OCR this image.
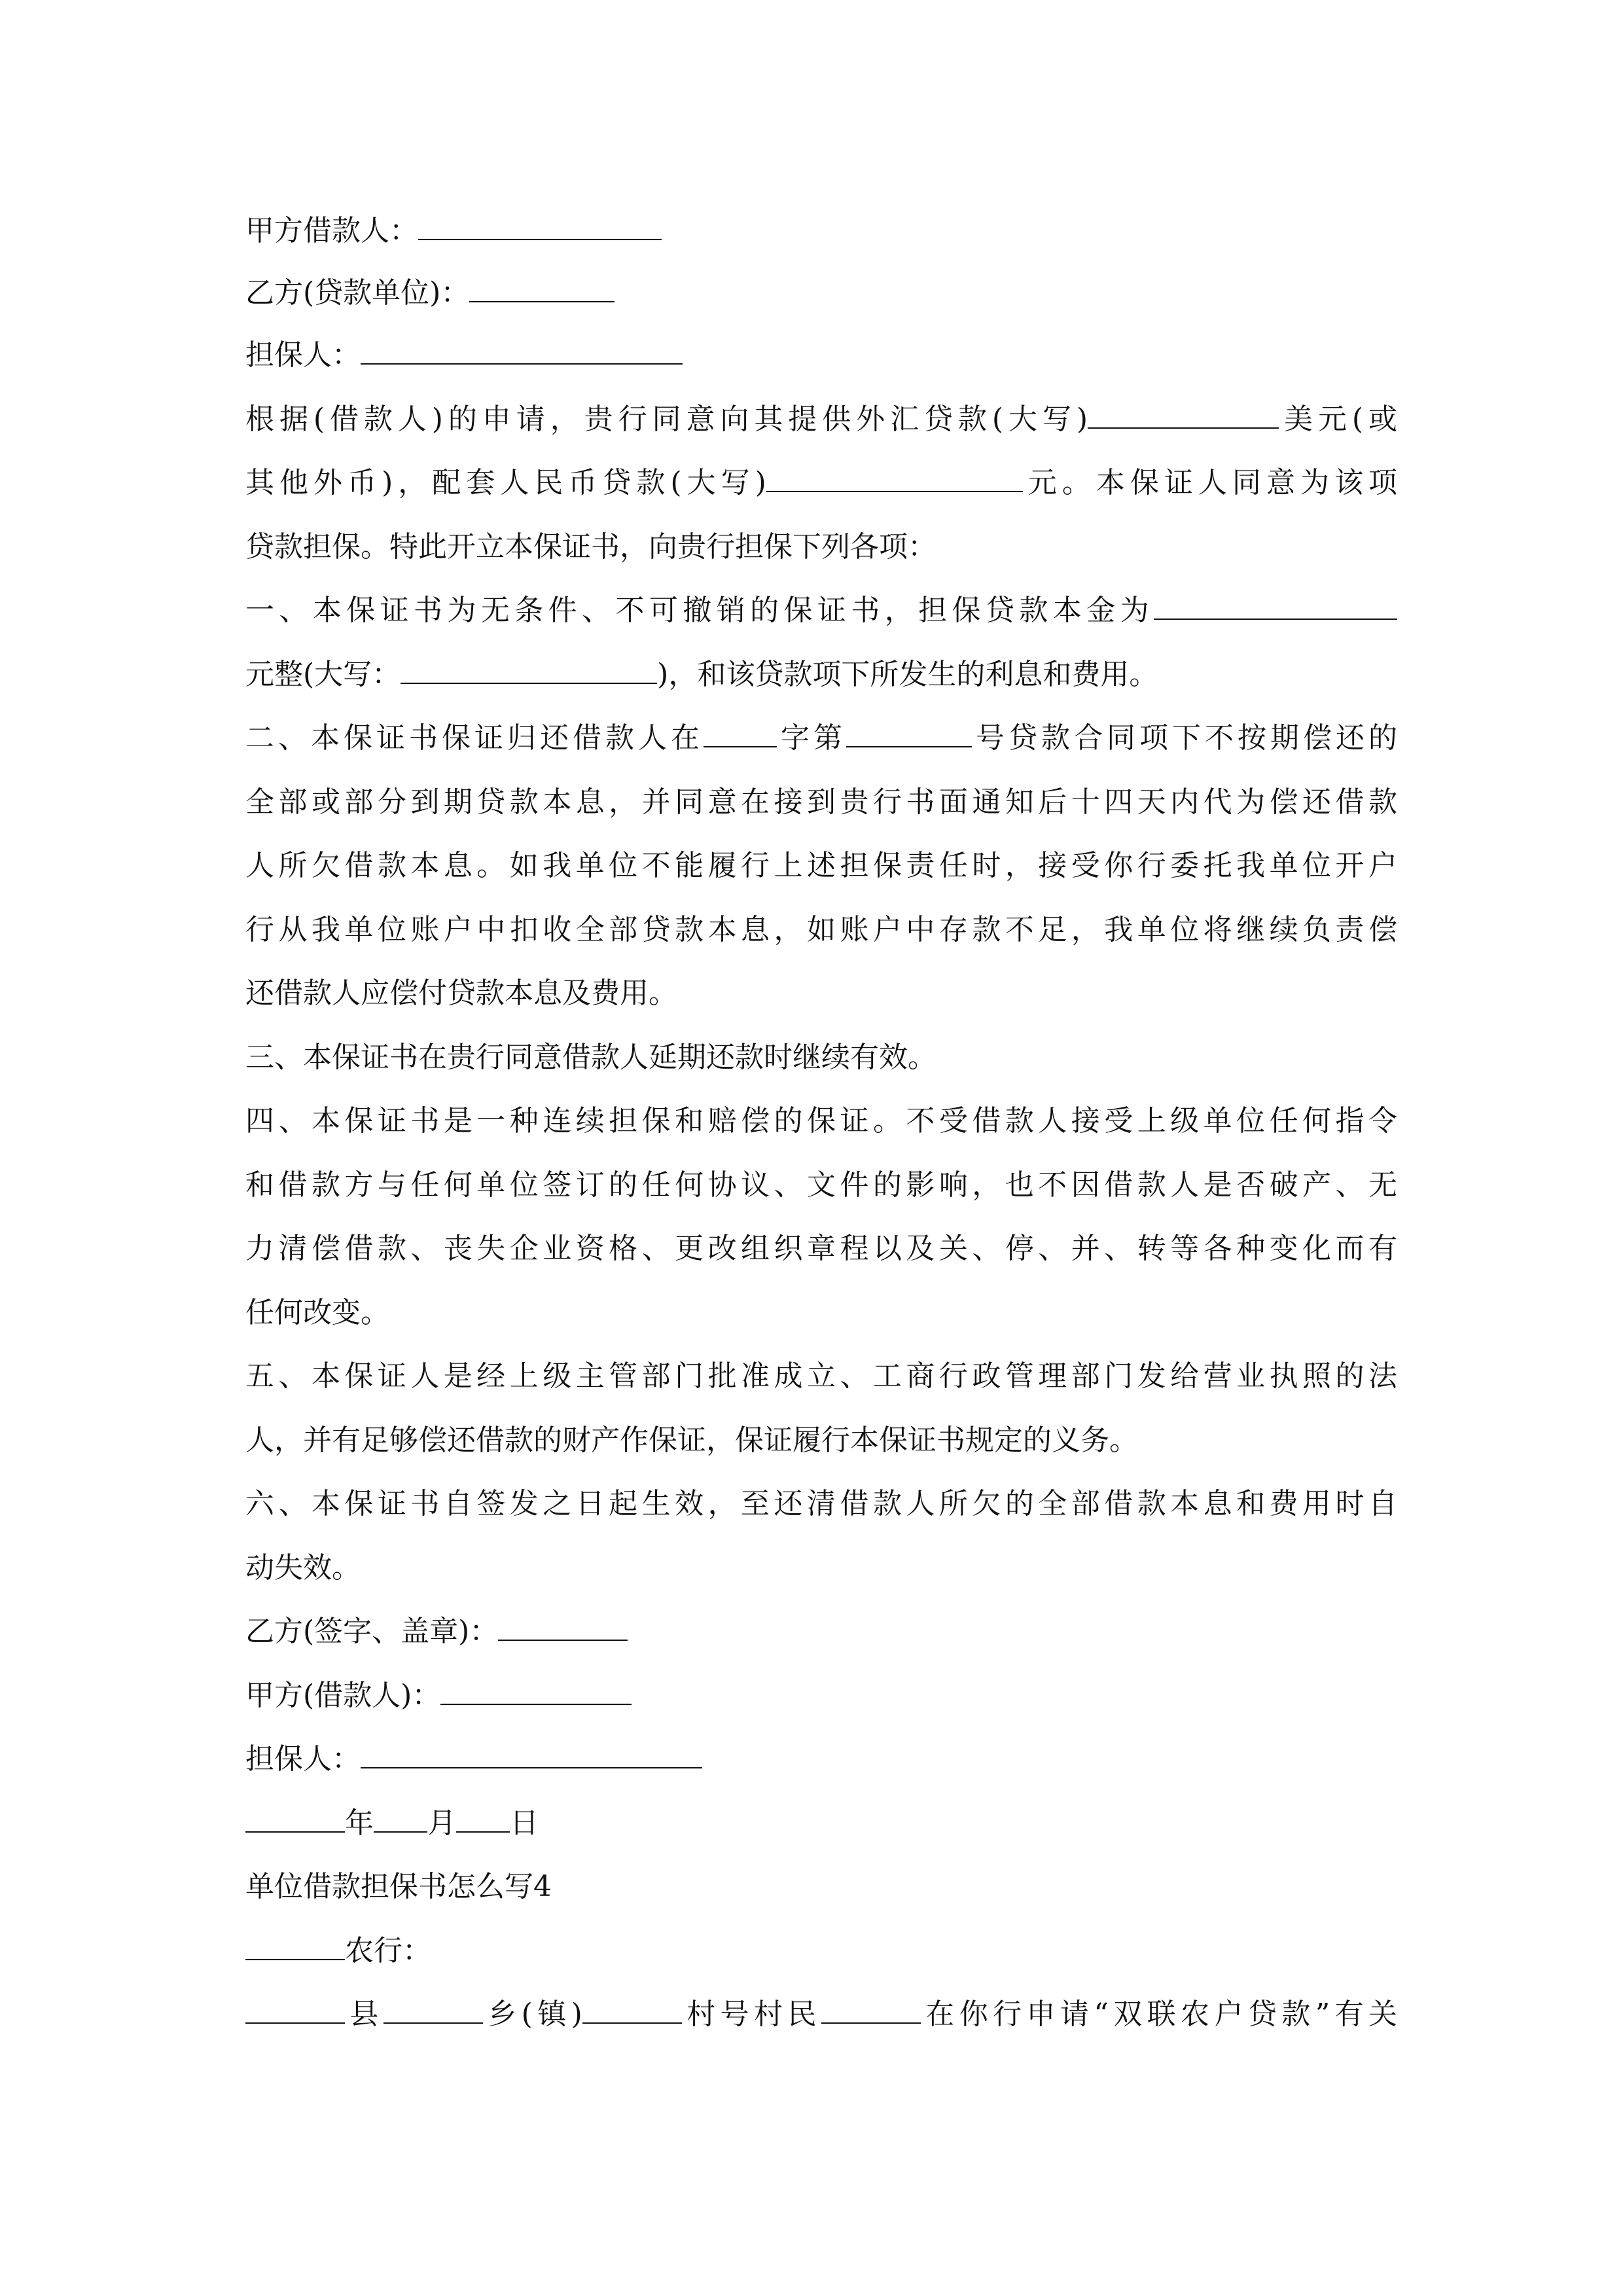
甲方借款人：
乙方(贷款单位)：
担保人：
根据(借款人)的申请，贵行同意向其提供外汇贷款(大写)	美元(或
其他外币)，配套人民币贷款(大写)	元。本保证人同意为该项
贷款担保。特此开立本保证书，向贵行担保下列各项：
一、本保证书为无条件、不可撤销的保证书，担保贷款本金为
元整(大写：	)，和该贷款项下所发生的利息和费用。
二、本保证书保证归还借款人在	字第	号贷款合同项下不按期偿还的
全部或部分到期贷款本息，并同意在接到贵行书面通知后十四天内代为偿还借款
人所欠借款本息。如我单位不能履行上述担保责任时，接受你行委托我单位开户
行从我单位账户中扣收全部贷款本息，如账户中存款不足，我单位将继续负责偿
还借款人应偿付贷款本息及费用。
三、本保证书在贵行同意借款人延期还款时继续有效。
四、本保证书是一种连续担保和赔偿的保证。不受借款人接受上级单位任何指令
和借款方与任何单位签订的任何协议、文件的影响，也不因借款人是否破产、无
力清偿借款、丧失企业资格、更改组织章程以及关、停、并、转等各种变化而有
任何改变。
五、本保证人是经上级主管部门批准成立、工商行政管理部门发给营业执照的法
人，并有足够偿还借款的财产作保证，保证履行本保证书规定的义务。
六、本保证书自签发之日起生效，至还清借款人所欠的全部借款本息和费用时自
动失效。
乙方(签字、盖章)：
甲方(借款人)：
担保人：
年 月 日
单位借款担保书怎么写4
农行：
县	乡(镇)	村号村民	在你行申请“双联农户贷款”有关
